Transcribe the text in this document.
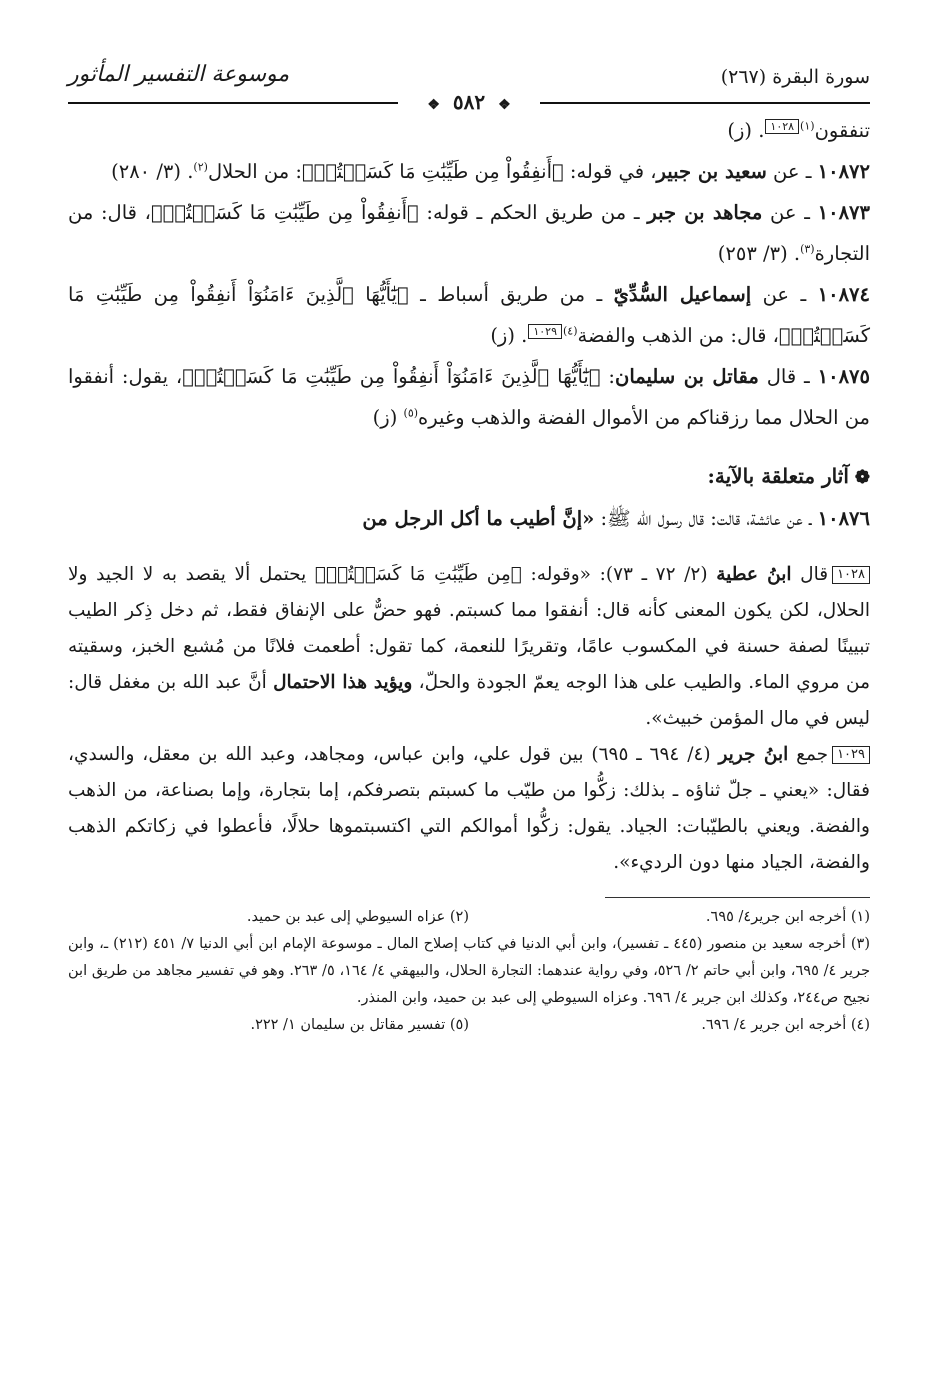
سورة البقرة (٢٦٧)
موسوعة التفسير المأثور
❖ ٥٨٢ ❖

تنفقون$^{(١)}$١٠٢٨. (ز)

١٠٨٧٢ ـ عن سعيد بن جبير، في قوله: ﴿أَنفِقُواْ مِن طَيِّبَٰتِ مَا كَسَبۡتُمۡ﴾: من الحلال$^{(٢)}$. (٣/ ٢٨٠)

١٠٨٧٣ ـ عن مجاهد بن جبر ـ من طريق الحكم ـ قوله: ﴿أَنفِقُواْ مِن طَيِّبَٰتِ مَا كَسَبۡتُمۡ﴾، قال: من التجارة$^{(٣)}$. (٣/ ٢٥٣)

١٠٨٧٤ ـ عن إسماعيل السُّدِّيّ ـ من طريق أسباط ـ ﴿يَٰٓأَيُّهَا ٱلَّذِينَ ءَامَنُوٓاْ أَنفِقُواْ مِن طَيِّبَٰتِ مَا كَسَبۡتُمۡ﴾، قال: من الذهب والفضة$^{(٤)}$١٠٢٩. (ز)

١٠٨٧٥ ـ قال مقاتل بن سليمان: ﴿يَٰٓأَيُّهَا ٱلَّذِينَ ءَامَنُوٓاْ أَنفِقُواْ مِن طَيِّبَٰتِ مَا كَسَبۡتُمۡ﴾، يقول: أنفقوا من الحلال مما رزقناكم من الأموال الفضة والذهب وغيره$^{(٥)}$ (ز)

❁آثار متعلقة بالآية:

١٠٨٧٦ ـ عن عائشة، قالت: قال رسول الله ﷺ: «إنَّ أطيب ما أكل الرجل من

١٠٢٨قال ابنُ عطية (٢/ ٧٢ ـ ٧٣): «وقوله: ﴿مِن طَيِّبَٰتِ مَا كَسَبۡتُمۡ﴾ يحتمل ألا يقصد به لا الجيد ولا الحلال، لكن يكون المعنى كأنه قال: أنفقوا مما كسبتم. فهو حضٌّ على الإنفاق فقط، ثم دخل ذِكر الطيب تبيينًا لصفة حسنة في المكسوب عامًا، وتقريرًا للنعمة، كما تقول: أطعمت فلانًا من مُشبع الخبز، وسقيته من مروي الماء. والطيب على هذا الوجه يعمّ الجودة والحلّ، ويؤيد هذا الاحتمال أنَّ عبد الله بن مغفل قال: ليس في مال المؤمن خبيث».

١٠٢٩جمع ابنُ جرير (٤/ ٦٩٤ ـ ٦٩٥) بين قول علي، وابن عباس، ومجاهد، وعبد الله بن معقل، والسدي، فقال: «يعني ـ جلّ ثناؤه ـ بذلك: زكُّوا من طيّب ما كسبتم بتصرفكم، إما بتجارة، وإما بصناعة، من الذهب والفضة. ويعني بالطيّبات: الجياد. يقول: زكُّوا أموالكم التي اكتسبتموها حلالًا، فأعطوا في زكاتكم الذهب والفضة، الجياد منها دون الرديء».

(١) أخرجه ابن جرير٤/ ٦٩٥.
(٢) عزاه السيوطي إلى عبد بن حميد.

(٣) أخرجه سعيد بن منصور (٤٤٥ ـ تفسير)، وابن أبي الدنيا في كتاب إصلاح المال ـ موسوعة الإمام ابن أبي الدنيا ٧/ ٤٥١ (٢١٢) ـ، وابن جرير ٤/ ٦٩٥، وابن أبي حاتم ٢/ ٥٢٦، وفي رواية عندهما: التجارة الحلال، والبيهقي ٤/ ١٦٤، ٥/ ٢٦٣. وهو في تفسير مجاهد من طريق ابن نجيح ص٢٤٤، وكذلك ابن جرير ٤/ ٦٩٦. وعزاه السيوطي إلى عبد بن حميد، وابن المنذر.

(٤) أخرجه ابن جرير ٤/ ٦٩٦.
(٥) تفسير مقاتل بن سليمان ١/ ٢٢٢.
